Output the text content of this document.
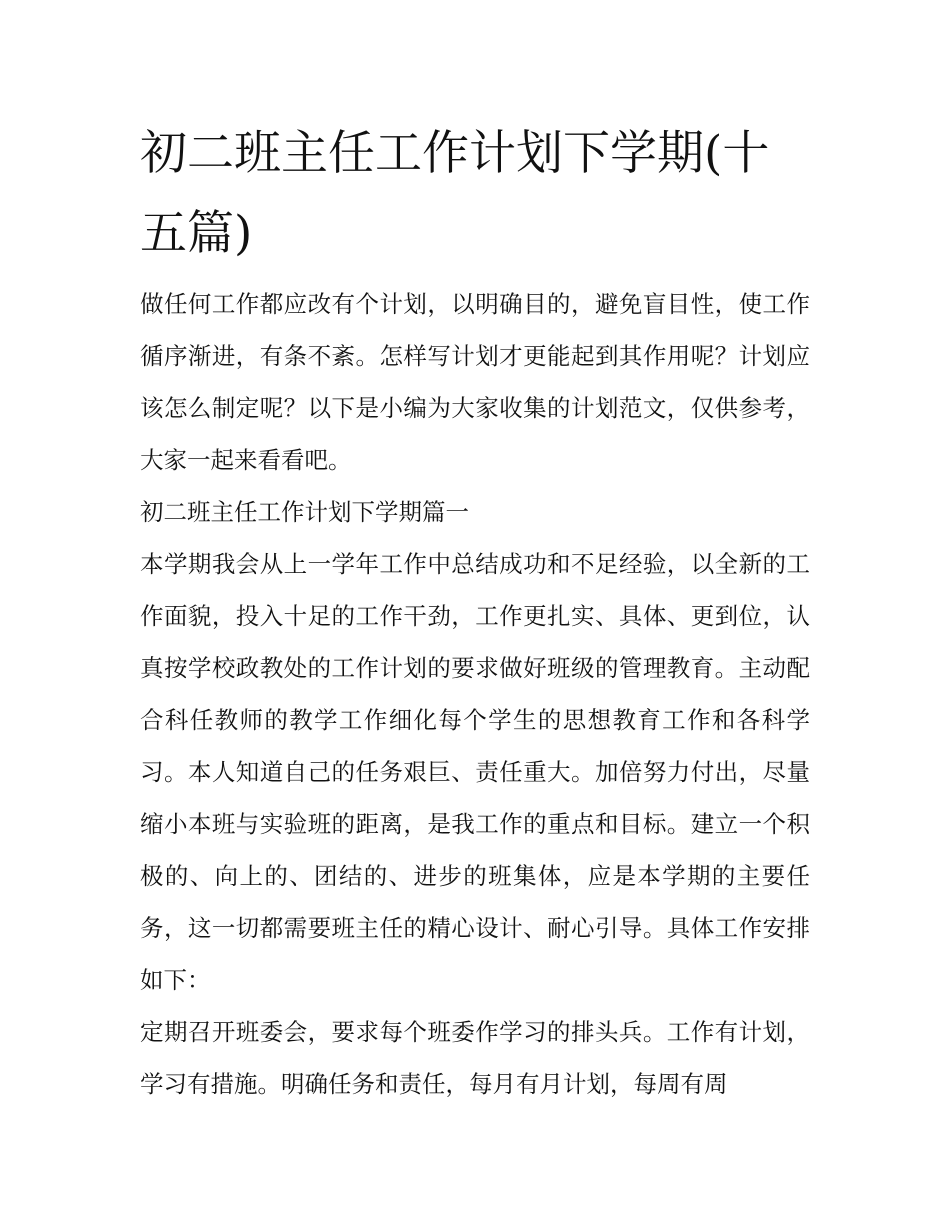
初二班主任工作计划下学期(十五篇)

做任何工作都应改有个计划，以明确目的，避免盲目性，使工作循序渐进，有条不紊。怎样写计划才更能起到其作用呢？计划应该怎么制定呢？以下是小编为大家收集的计划范文，仅供参考，大家一起来看看吧。

初二班主任工作计划下学期篇一

本学期我会从上一学年工作中总结成功和不足经验，以全新的工作面貌，投入十足的工作干劲，工作更扎实、具体、更到位，认真按学校政教处的工作计划的要求做好班级的管理教育。主动配合科任教师的教学工作细化每个学生的思想教育工作和各科学习。本人知道自己的任务艰巨、责任重大。加倍努力付出，尽量缩小本班与实验班的距离，是我工作的重点和目标。建立一个积极的、向上的、团结的、进步的班集体，应是本学期的主要任务，这一切都需要班主任的精心设计、耐心引导。具体工作安排如下：

定期召开班委会，要求每个班委作学习的排头兵。工作有计划，学习有措施。明确任务和责任，每月有月计划，每周有周
